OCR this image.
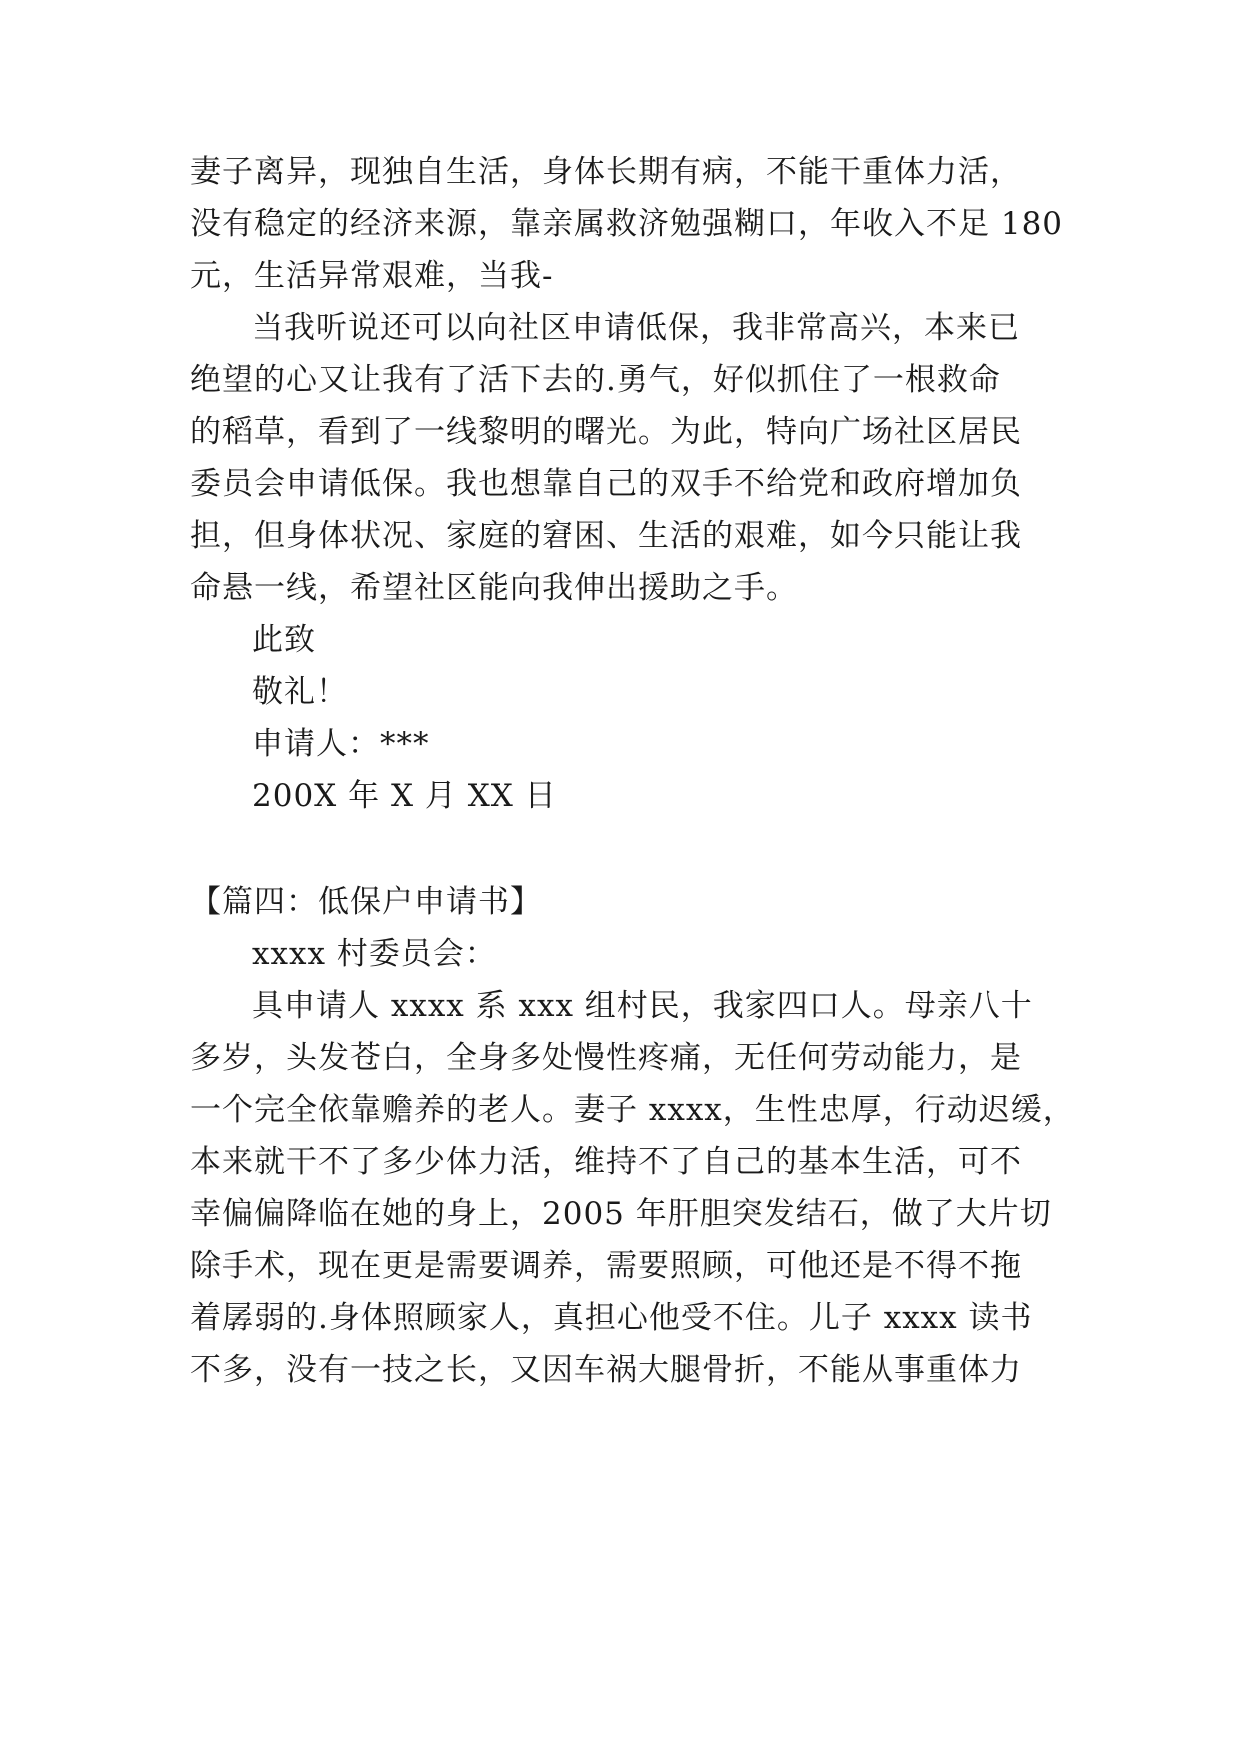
妻子离异，现独自生活，身体长期有病，不能干重体力活，
没有稳定的经济来源，靠亲属救济勉强糊口，年收入不足 180
元，生活异常艰难，当我-
当我听说还可以向社区申请低保，我非常高兴，本来已
绝望的心又让我有了活下去的.勇气，好似抓住了一根救命
的稻草，看到了一线黎明的曙光。为此，特向广场社区居民
委员会申请低保。我也想靠自己的双手不给党和政府增加负
担，但身体状况、家庭的窘困、生活的艰难，如今只能让我
命悬一线，希望社区能向我伸出援助之手。
此致
敬礼！
申请人：***
200X 年 X 月 XX 日
【篇四：低保户申请书】
xxxx 村委员会：
具申请人 xxxx 系 xxx 组村民，我家四口人。母亲八十
多岁，头发苍白，全身多处慢性疼痛，无任何劳动能力，是
一个完全依靠赡养的老人。妻子 xxxx，生性忠厚，行动迟缓，
本来就干不了多少体力活，维持不了自己的基本生活，可不
幸偏偏降临在她的身上，2005 年肝胆突发结石，做了大片切
除手术，现在更是需要调养，需要照顾，可他还是不得不拖
着孱弱的.身体照顾家人，真担心他受不住。儿子 xxxx 读书
不多，没有一技之长，又因车祸大腿骨折，不能从事重体力
